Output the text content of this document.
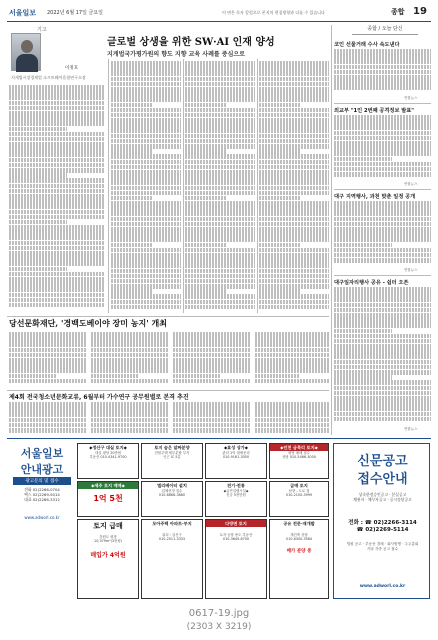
서울일보 2022년 6월 17일 금요일	이 면은 독자 칼럼으로 본지의 편집방향과 다를 수 있습니다	종합 19
기고
이정호
지게법시장경제업 소프트웨어융합연구소장
글로벌 상생을 위한 SW·AI 인재 양성
지게법국가평가원의 향도 지향 교육 사례를 중심으로
당선문화재단, '경백도베이야 장미 농지' 개최
제4회 전국청소년문화교류, 6월부터 가수연구 공무원별로 본격 추진
종합 / 오늘 단신
코인 선물거래 수사 속도낸다
연합뉴스
외교부 "1인 2번째 공격정보 발표"
연합뉴스
대구 지역행사, 과천 맞춘 일정 공개
연합뉴스
대구일자리행사 공유 - 쉼터 오픈
연합뉴스
서울일보
안내광고
광고문의 및 접수
전화 02)2266-0704
팩스 02)2269-5014
대표 02)2266-3312
www.adworl.co.kr
◆정산구 대실 토지◆
대실 평당 20만원
부동산 010-4341-9700
토지 숨은 알짜분양
전원주택 세부분할 부지
인근 IC 5분
◆효성 상가◆
관리 1억 대체문의
010-9161-3050
◆인천 금북리 토지◆
평당 매매 접수
상담 010-5466-3000
◆제주 토지 매매◆
1억 5천
엘리베이터 설치
업체선정 접수
010-6866-3880
전기·전통
◆급단설렙시설◆
신규 5천만원
급매 토지
남향 - 도로 접
010-2100-3999
토지 급매
강원도 평창
10,379m²(3천평)
매입가 4억원
모아주택 아파트·부지
위치 : 일산구
010-2011-3333
다방면 토지
토지·공장 용도 부동산
010-3640-8700
공유 전문·재개발
재건축 상담
010-6300-3584
매가 분양 중
신문공고
접수안내
상속한정승인공고 · 분실공고
채권자 · 채무자공고 · 공시송달공고
전화 : ☎ 02)2266-3114
☎ 02)2269-5114
법원 공고 · 부동산 경매 · 회사합병 · 주주총회
기타 각종 공고 접수
www.adworl.co.kr
0617-19.jpg
(2303 X 3219)
